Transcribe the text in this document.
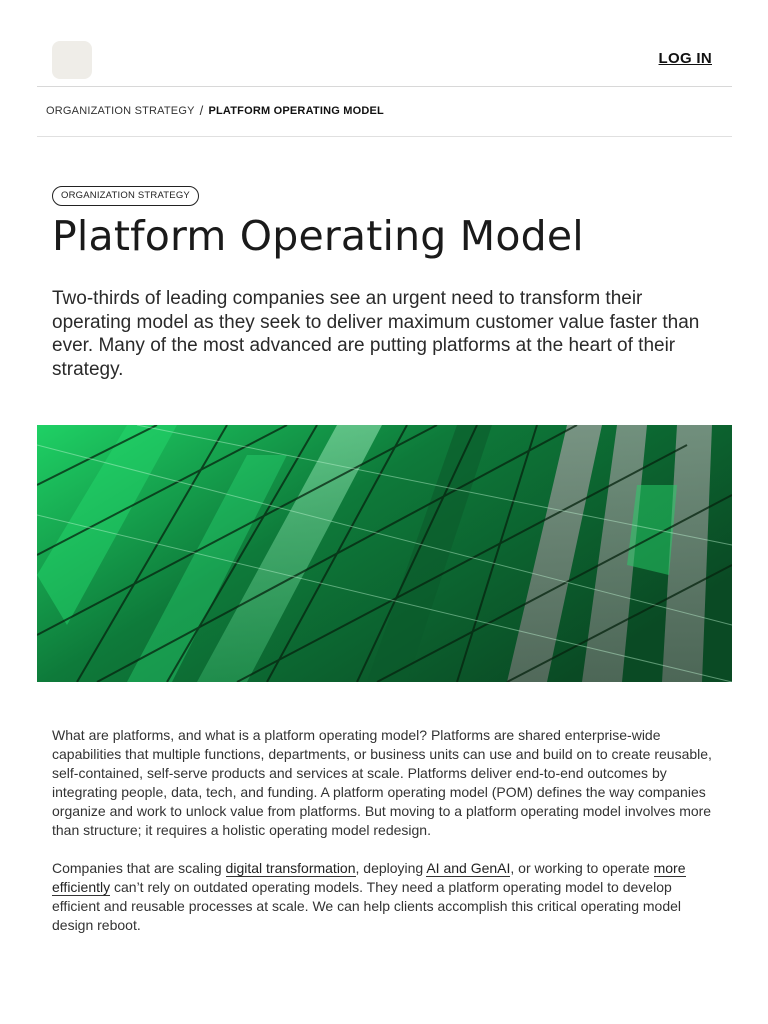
LOG IN
ORGANIZATION STRATEGY / PLATFORM OPERATING MODEL
ORGANIZATION STRATEGY
Platform Operating Model

Two-thirds of leading companies see an urgent need to transform their operating model as they seek to deliver maximum customer value faster than ever. Many of the most advanced are putting platforms at the heart of their strategy.

What are platforms, and what is a platform operating model? Platforms are shared enterprise-wide capabilities that multiple functions, departments, or business units can use and build on to create reusable, self-contained, self-serve products and services at scale. Platforms deliver end-to-end outcomes by integrating people, data, tech, and funding. A platform operating model (POM) defines the way companies organize and work to unlock value from platforms. But moving to a platform operating model involves more than structure; it requires a holistic operating model redesign.

Companies that are scaling digital transformation, deploying AI and GenAI, or working to operate more efficiently can’t rely on outdated operating models. They need a platform operating model to develop efficient and reusable processes at scale. We can help clients accomplish this critical operating model design reboot.
